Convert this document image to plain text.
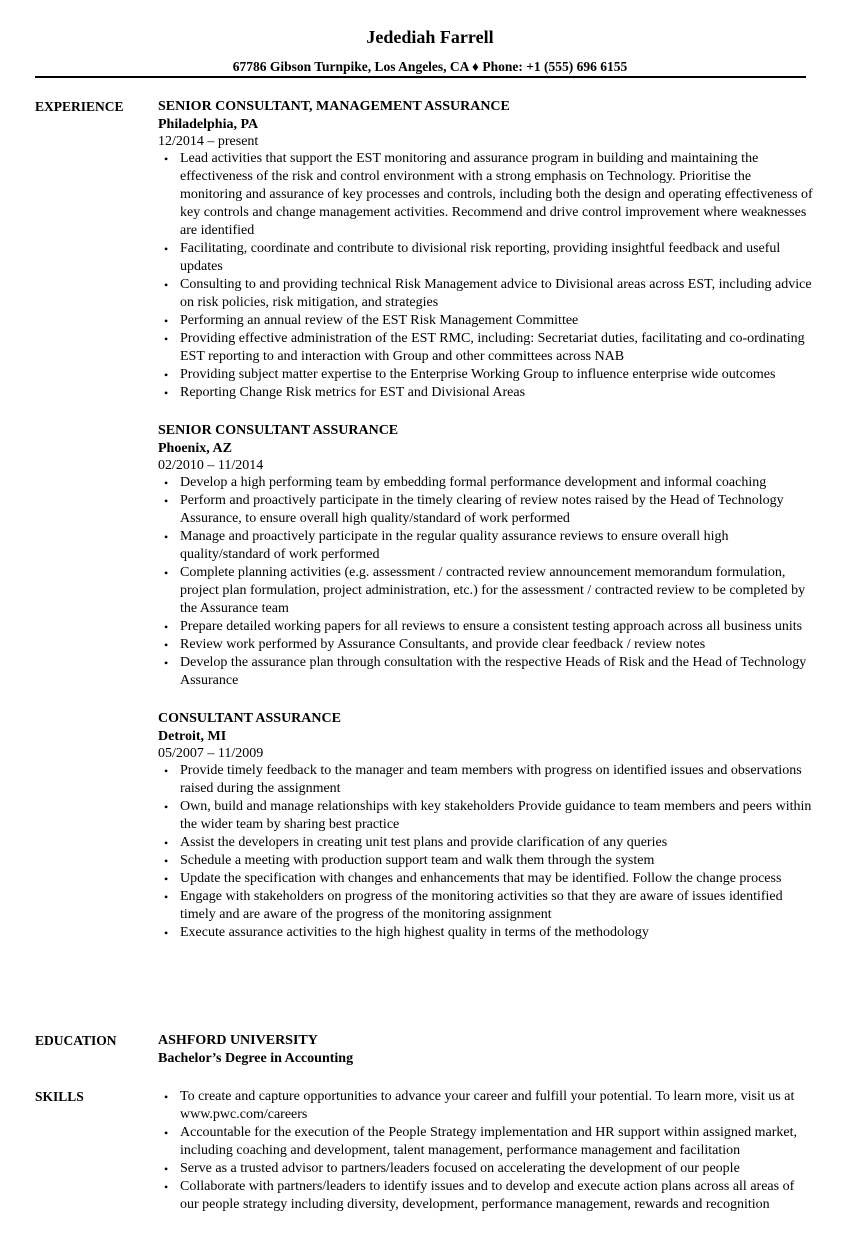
Jedediah Farrell
67786 Gibson Turnpike, Los Angeles, CA ♦ Phone: +1 (555) 696 6155
EXPERIENCE SENIOR CONSULTANT, MANAGEMENT ASSURANCE
Philadelphia, PA
12/2014 – present
• Lead activities that support the EST monitoring and assurance program in building and maintaining the effectiveness of the risk and control environment with a strong emphasis on Technology. Prioritise the monitoring and assurance of key processes and controls, including both the design and operating effectiveness of key controls and change management activities. Recommend and drive control improvement where weaknesses are identified
• Facilitating, coordinate and contribute to divisional risk reporting, providing insightful feedback and useful updates
• Consulting to and providing technical Risk Management advice to Divisional areas across EST, including advice on risk policies, risk mitigation, and strategies
• Performing an annual review of the EST Risk Management Committee
• Providing effective administration of the EST RMC, including: Secretariat duties, facilitating and co-ordinating EST reporting to and interaction with Group and other committees across NAB
• Providing subject matter expertise to the Enterprise Working Group to influence enterprise wide outcomes
• Reporting Change Risk metrics for EST and Divisional Areas
SENIOR CONSULTANT ASSURANCE
Phoenix, AZ
02/2010 – 11/2014
• Develop a high performing team by embedding formal performance development and informal coaching
• Perform and proactively participate in the timely clearing of review notes raised by the Head of Technology Assurance, to ensure overall high quality/standard of work performed
• Manage and proactively participate in the regular quality assurance reviews to ensure overall high quality/standard of work performed
• Complete planning activities (e.g. assessment / contracted review announcement memorandum formulation, project plan formulation, project administration, etc.) for the assessment / contracted review to be completed by the Assurance team
• Prepare detailed working papers for all reviews to ensure a consistent testing approach across all business units
• Review work performed by Assurance Consultants, and provide clear feedback / review notes
• Develop the assurance plan through consultation with the respective Heads of Risk and the Head of Technology Assurance
CONSULTANT ASSURANCE
Detroit, MI
05/2007 – 11/2009
• Provide timely feedback to the manager and team members with progress on identified issues and observations raised during the assignment
• Own, build and manage relationships with key stakeholders Provide guidance to team members and peers within the wider team by sharing best practice
• Assist the developers in creating unit test plans and provide clarification of any queries
• Schedule a meeting with production support team and walk them through the system
• Update the specification with changes and enhancements that may be identified. Follow the change process
• Engage with stakeholders on progress of the monitoring activities so that they are aware of issues identified timely and are aware of the progress of the monitoring assignment
• Execute assurance activities to the high highest quality in terms of the methodology
EDUCATION	ASHFORD UNIVERSITY
Bachelor’s Degree in Accounting
SKILLS	• To create and capture opportunities to advance your career and fulfill your potential. To learn more, visit us at www.pwc.com/careers
• Accountable for the execution of the People Strategy implementation and HR support within assigned market, including coaching and development, talent management, performance management and facilitation
• Serve as a trusted advisor to partners/leaders focused on accelerating the development of our people
• Collaborate with partners/leaders to identify issues and to develop and execute action plans across all areas of our people strategy including diversity, development, performance management, rewards and recognition
